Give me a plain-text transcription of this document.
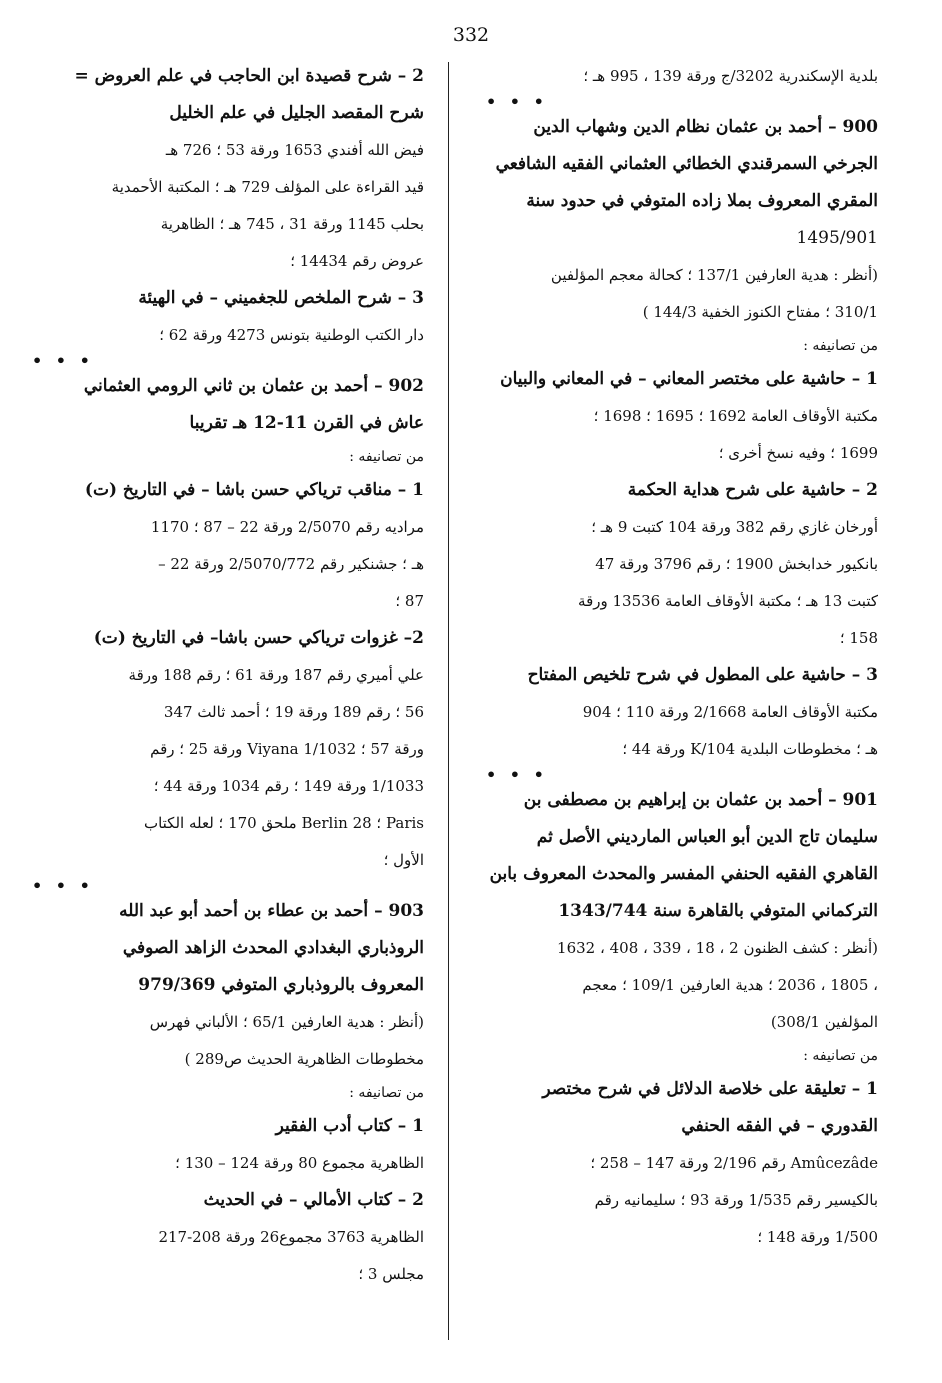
332
بلدية الإسكندرية 3202/ج ورقة 139 ، 995 هـ ؛
• • •
900 – أحمد بن عثمان نظام الدين وشهاب الدين
الجرخي السمرقندي الخطائي العثماني الفقيه الشافعي
المقري المعروف بملا زاده المتوفي في حدود سنة
1495/901
(أنظر : هدية العارفين 137/1 ؛ كحالة معجم المؤلفين
310/1 ؛ مفتاح الكنوز الخفية 144/3 )
من تصانيفه :
1 – حاشية على مختصر المعاني – في المعاني والبيان
مكتبة الأوقاف العامة 1692 ؛ 1695 ؛ 1698 ؛
1699 ؛ وفيه نسخ أخرى ؛
2 – حاشية على شرح هداية الحكمة
أورخان غازي رقم 382 ورقة 104 كتبت 9 هـ ؛
بانكيور خدابخش 1900 ؛ رقم 3796 ورقة 47
كتبت 13 هـ ؛ مكتبة الأوقاف العامة 13536 ورقة
158 ؛
3 – حاشية على المطول في شرح تلخيص المفتاح
مكتبة الأوقاف العامة 2/1668 ورقة 110 ؛ 904
هـ ؛ مخطوطات البلدية 104/K ورقة 44 ؛
• • •
901 – أحمد بن عثمان بن إبراهيم بن مصطفى بن
سليمان تاج الدين أبو العباس المارديني الأصل ثم
القاهري الفقيه الحنفي المفسر والمحدث المعروف بابن
التركماني المتوفي بالقاهرة سنة 1343/744
(أنظر : كشف الظنون 2 ، 18 ، 339 ، 408 ، 1632
، 1805 ، 2036 ؛ هدية العارفين 109/1 ؛ معجم
المؤلفين 308/1)
من تصانيفه :
1 – تعليقة على خلاصة الدلائل في شرح مختصر
القدوري – في الفقه الحنفي
Amûcezâde رقم 2/196 ورقة 147 – 258 ؛
بالكيسير رقم 1/535 ورقة 93 ؛ سليمانيه رقم
1/500 ورقة 148 ؛
2 – شرح قصيدة ابن الحاجب في علم العروض =
شرح المقصد الجليل في علم الخليل
فيض الله أفندي 1653 ورقة 53 ؛ 726 هـ
قيد القراءة على المؤلف 729 هـ ؛ المكتبة الأحمدية
بحلب 1145 ورقة 31 ، 745 هـ ؛ الظاهرية
عروض رقم 14434 ؛
3 – شرح الملخص للجغميني – في الهيئة
دار الكتب الوطنية بتونس 4273 ورقة 62 ؛
• • •
902 – أحمد بن عثمان بن ثاني الرومي العثماني
عاش في القرن 11-12 هـ تقريبا
من تصانيفه :
1 – مناقب ترياكي حسن باشا – في التاريخ (ت)
مراديه رقم 2/5070 ورقة 22 – 87 ؛ 1170
هـ ؛ جشنكير رقم 2/5070/772 ورقة 22 –
87 ؛
2– غزوات ترياكي حسن باشا– في التاريخ (ت)
علي أميري رقم 187 ورقة 61 ؛ رقم 188 ورقة
56 ؛ رقم 189 ورقة 19 ؛ أحمد ثالث 347
ورقة 57 ؛ Viyana 1/1032 ورقة 25 ؛ رقم
1/1033 ورقة 149 ؛ رقم 1034 ورقة 44 ؛
Paris ؛ Berlin 28 ملحق 170 ؛ لعله الكتاب
الأول ؛
• • •
903 – أحمد بن عطاء بن أحمد أبو عبد الله
الروذباري البغدادي المحدث الزاهد الصوفي
المعروف بالروذباري المتوفي 979/369
(أنظر : هدية العارفين 65/1 ؛ الألباني فهرس
مخطوطات الظاهرية الحديث ص289 )
من تصانيفه :
1 – كتاب أدب الفقير
الظاهرية مجموع 80 ورقة 124 – 130 ؛
2 – كتاب الأمالي – في الحديث
الظاهرية 3763 مجموع26 ورقة 208-217
مجلس 3 ؛
